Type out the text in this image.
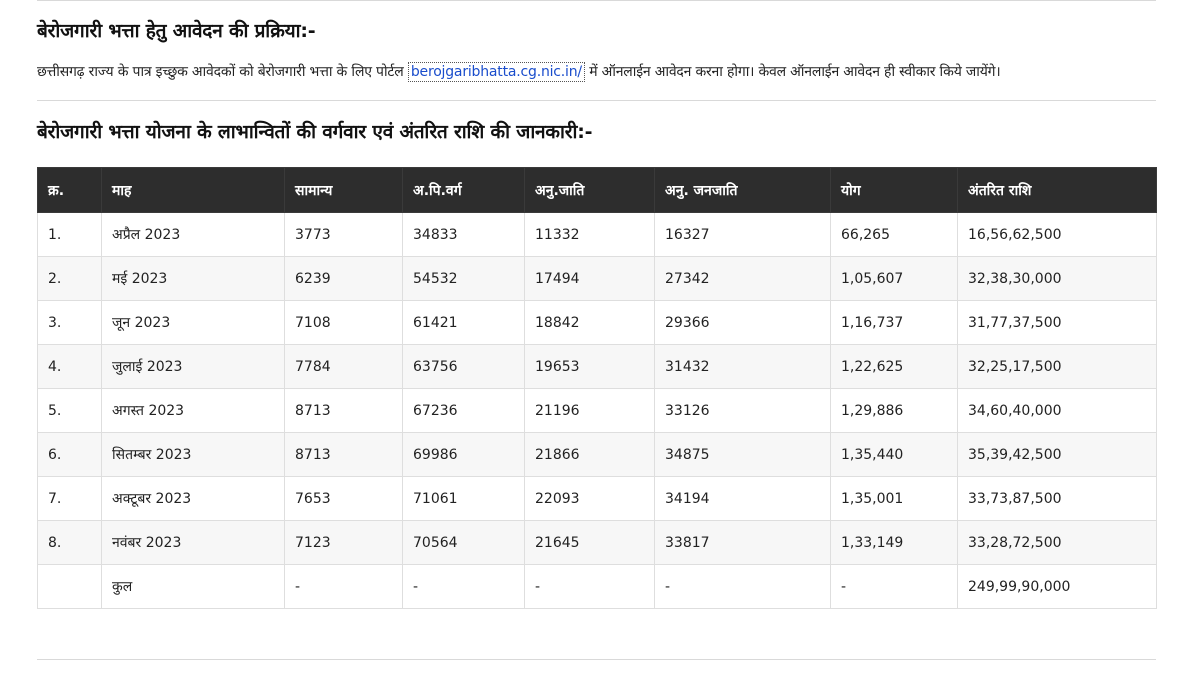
बेरोजगारी भत्ता हेतु आवेदन की प्रक्रिया:-
छत्तीसगढ़ राज्य के पात्र इच्छुक आवेदकों को बेरोजगारी भत्ता के लिए पोर्टल berojgaribhatta.cg.nic.in/ में ऑनलाईन आवेदन करना होगा। केवल ऑनलाईन आवेदन ही स्वीकार किये जायेंगे।
बेरोजगारी भत्ता योजना के लाभान्वितों की वर्गवार एवं अंतरित राशि की जानकारी:-
क्र.	माह	सामान्य	अ.पि.वर्ग	अनु.जाति	अनु. जनजाति	योग	अंतरित राशि
1.	अप्रैल 2023	3773	34833	11332	16327	66,265	16,56,62,500
2.	मई 2023	6239	54532	17494	27342	1,05,607	32,38,30,000
3.	जून 2023	7108	61421	18842	29366	1,16,737	31,77,37,500
4.	जुलाई 2023	7784	63756	19653	31432	1,22,625	32,25,17,500
5.	अगस्त 2023	8713	67236	21196	33126	1,29,886	34,60,40,000
6.	सितम्बर 2023	8713	69986	21866	34875	1,35,440	35,39,42,500
7.	अक्टूबर 2023	7653	71061	22093	34194	1,35,001	33,73,87,500
8.	नवंबर 2023	7123	70564	21645	33817	1,33,149	33,28,72,500
	कुल	-	-	-	-	-	249,99,90,000
